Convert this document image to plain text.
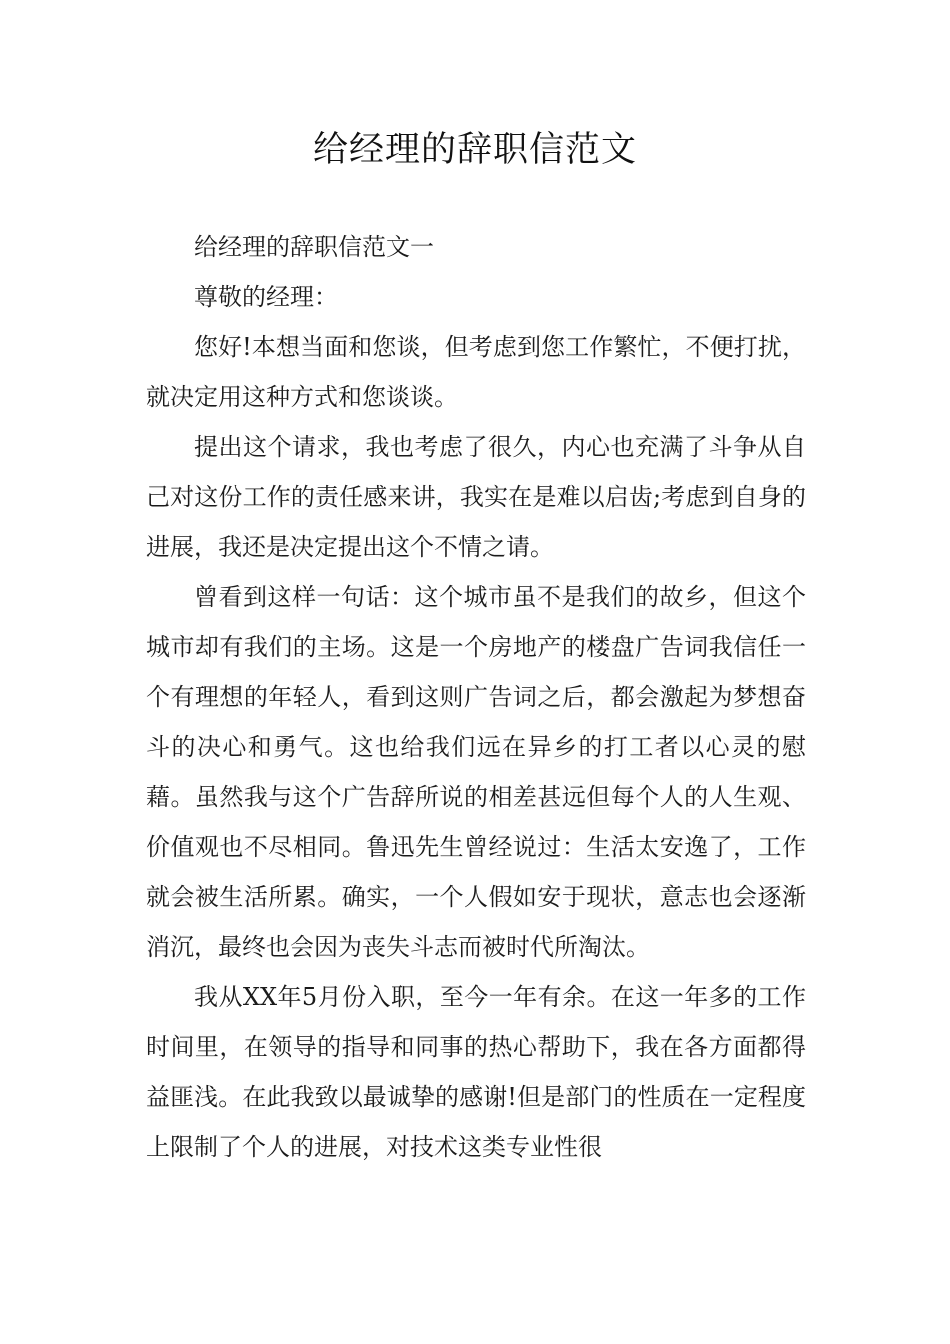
给经理的辞职信范文

给经理的辞职信范文一

尊敬的经理：

您好!本想当面和您谈，但考虑到您工作繁忙，不便打扰，就决定用这种方式和您谈谈。

提出这个请求，我也考虑了很久，内心也充满了斗争从自己对这份工作的责任感来讲，我实在是难以启齿;考虑到自身的进展，我还是决定提出这个不情之请。

曾看到这样一句话：这个城市虽不是我们的故乡，但这个城市却有我们的主场。这是一个房地产的楼盘广告词我信任一个有理想的年轻人，看到这则广告词之后，都会激起为梦想奋斗的决心和勇气。这也给我们远在异乡的打工者以心灵的慰藉。虽然我与这个广告辞所说的相差甚远但每个人的人生观、价值观也不尽相同。鲁迅先生曾经说过：生活太安逸了，工作就会被生活所累。确实，一个人假如安于现状，意志也会逐渐消沉，最终也会因为丧失斗志而被时代所淘汰。

我从XX年5月份入职，至今一年有余。在这一年多的工作时间里，在领导的指导和同事的热心帮助下，我在各方面都得益匪浅。在此我致以最诚挚的感谢!但是部门的性质在一定程度上限制了个人的进展，对技术这类专业性很
